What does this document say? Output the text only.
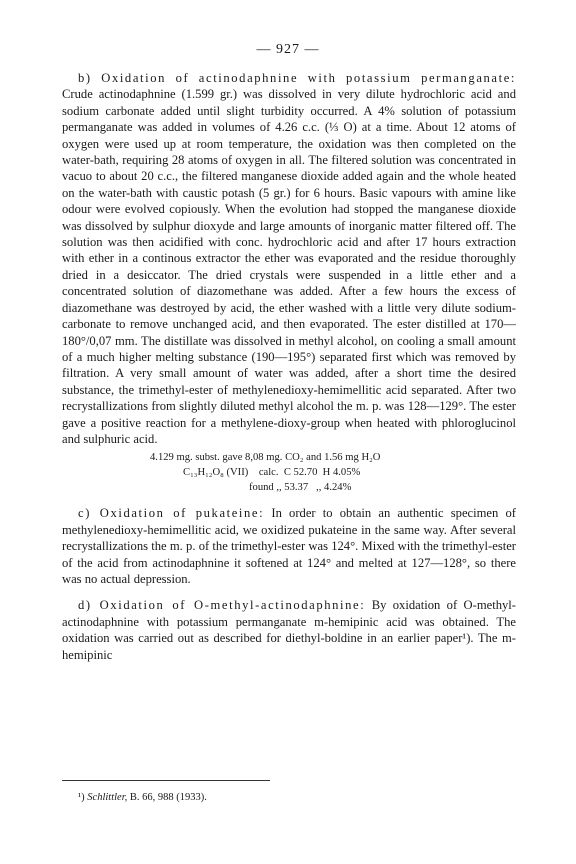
— 927 —

b) Oxidation of actinodaphnine with potassium permanganate: Crude actinodaphnine (1.599 gr.) was dissolved in very dilute hydrochloric acid and sodium carbonate added until slight turbidity occurred. A 4% solution of potassium permanganate was added in volumes of 4.26 c.c. (⅓ O) at a time. About 12 atoms of oxygen were used up at room temperature, the oxidation was then completed on the water-bath, requiring 28 atoms of oxygen in all. The filtered solution was concentrated in vacuo to about 20 c.c., the filtered manganese dioxide added again and the whole heated on the water-bath with caustic potash (5 gr.) for 6 hours. Basic vapours with amine like odour were evolved copiously. When the evolution had stopped the manganese dioxide was dissolved by sulphur dioxyde and large amounts of inorganic matter filtered off. The solution was then acidified with conc. hydrochloric acid and after 17 hours extraction with ether in a continous extractor the ether was evaporated and the residue thoroughly dried in a desiccator. The dried crystals were suspended in a little ether and a concentrated solution of diazomethane was added. After a few hours the excess of diazomethane was destroyed by acid, the ether washed with a little very dilute sodium-carbonate to remove unchanged acid, and then evaporated. The ester distilled at 170—180°/0,07 mm. The distillate was dissolved in methyl alcohol, on cooling a small amount of a much higher melting substance (190—195°) separated first which was removed by filtration. A very small amount of water was added, after a short time the desired substance, the trimethyl-ester of methylenedioxy-hemimellitic acid separated. After two recrystallizations from slightly diluted methyl alcohol the m. p. was 128—129°. The ester gave a positive reaction for a methylene-dioxy-group when heated with phloroglucinol and sulphuric acid.

4.129 mg. subst. gave 8,08 mg. CO₂ and 1.56 mg H₂O
C₁₃H₁₂O₈ (VII)    calc.  C 52.70  H 4.05%
found ,, 53.37   ,, 4.24%

c) Oxidation of pukateine: In order to obtain an authentic specimen of methylenedioxy-hemimellitic acid, we oxidized pukateine in the same way. After several recrystallizations the m. p. of the trimethyl-ester was 124°. Mixed with the trimethyl-ester of the acid from actinodaphnine it softened at 124° and melted at 127—128°, so there was no actual depression.

d) Oxidation of O-methyl-actinodaphnine: By oxidation of O-methyl-actinodaphnine with potassium permanganate m-hemipinic acid was obtained. The oxidation was carried out as described for diethyl-boldine in an earlier paper¹). The m-hemipinic

¹) Schlittler, B. 66, 988 (1933).
